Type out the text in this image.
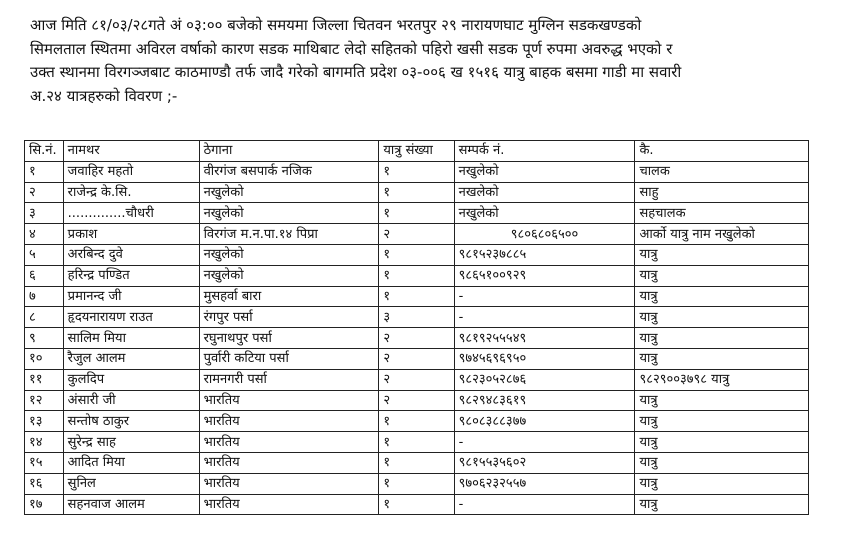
आज मिति ८१/०३/२८गते अं ०३:०० बजेको समयमा जिल्ला चितवन भरतपुर २९ नारायणघाट मुग्लिन सडकखण्डको

सिमलताल स्थितमा अविरल वर्षाको कारण सडक माथिबाट लेदो सहितको पहिरो खसी सडक पूर्ण रुपमा अवरुद्ध भएको र

उक्त स्थानमा विरगञ्जबाट काठमाण्डौ तर्फ जादै गरेको बागमति प्रदेश ०३-००६ ख १५१६ यात्रु बाहक बसमा गाडी मा सवारी

अ.२४ यात्रहरुको विवरण ;-

सि.नं.	नामथर	ठेगाना	यात्रु संख्या	सम्पर्क नं.	कै.
१	जवाहिर महतो	वीरगंज बसपार्क नजिक	१	नखुलेको	चालक
२	राजेन्द्र के.सि.	नखुलेको	१	नखलेको	साहु
३	..............चौधरी	नखुलेको	१	नखुलेको	सहचालक
४	प्रकाश	विरगंज म.न.पा.१४ पिप्रा	२	९८०६८०६५००	आर्को यात्रु नाम नखुलेको
५	अरबिन्द दुवे	नखुलेको	१	९८१५२३७८८५	यात्रु
६	हरिन्द्र पण्डित	नखुलेको	१	९८६५१००९२९	यात्रु
७	प्रमानन्द जी	मुसहर्वा बारा	१	-	यात्रु
८	हृदयनारायण राउत	रंगपुर पर्सा	३	-	यात्रु
९	सालिम मिया	रघुनाथपुर पर्सा	२	९८१९२५५५४९	यात्रु
१०	रैजुल आलम	पुर्वारी कटिया पर्सा	२	९७४५६९६९५०	यात्रु
११	कुलदिप	रामनगरी पर्सा	२	९८२३०५२८७६	९८२९००३७९८ यात्रु
१२	अंसारी जी	भारतिय	२	९८२९४८३६१९	यात्रु
१३	सन्तोष ठाकुर	भारतिय	१	९८०८३८८३७७	यात्रु
१४	सुरेन्द्र साह	भारतिय	१	-	यात्रु
१५	आदित मिया	भारतिय	१	९८१५५३५६०२	यात्रु
१६	सुनिल	भारतिय	१	९७०६२३२५५७	यात्रु
१७	सहनवाज आलम	भारतिय	१	-	यात्रु
